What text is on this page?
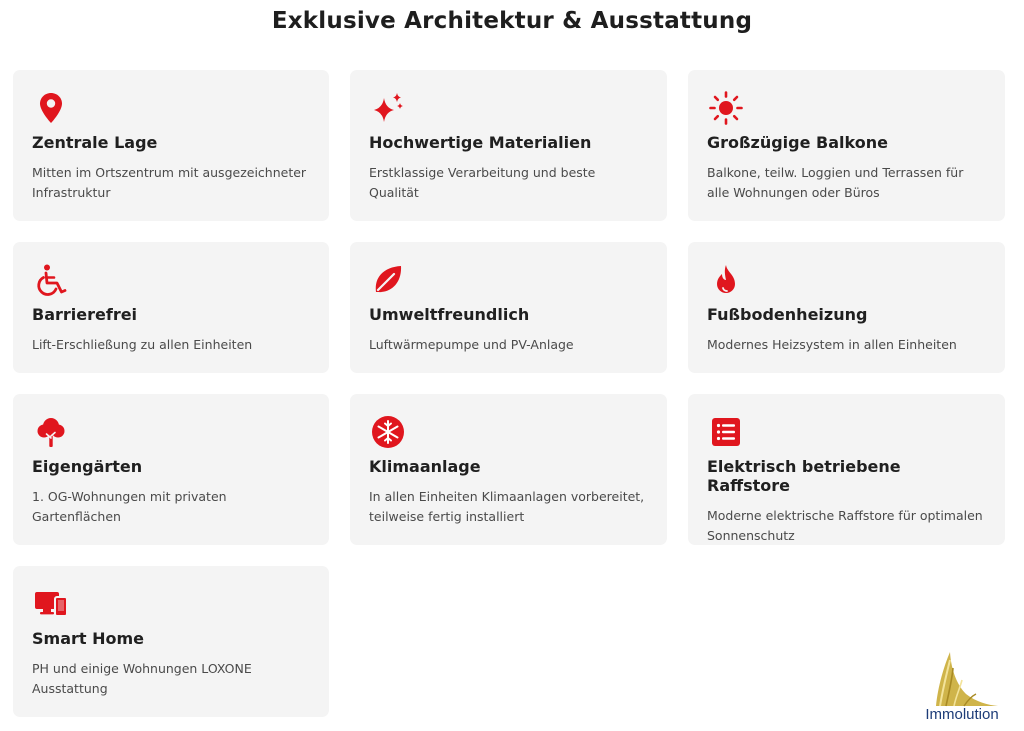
Exklusive Architektur & Ausstattung
Zentrale Lage

Mitten im Ortszentrum mit ausgezeichneter Infrastruktur

Hochwertige Materialien

Erstklassige Verarbeitung und beste Qualität

Großzügige Balkone

Balkone, teilw. Loggien und Terrassen für alle Wohnungen oder Büros

Barrierefrei

Lift-Erschließung zu allen Einheiten

Umweltfreundlich

Luftwärmepumpe und PV-Anlage

Fußbodenheizung

Modernes Heizsystem in allen Einheiten

Eigengärten

1. OG-Wohnungen mit privaten Gartenflächen

Klimaanlage

In allen Einheiten Klimaanlagen vorbereitet, teilweise fertig installiert

Elektrisch betriebene Raffstore

Moderne elektrische Raffstore für optimalen Sonnenschutz

Smart Home

PH und einige Wohnungen LOXONE Ausstattung

Immolution
